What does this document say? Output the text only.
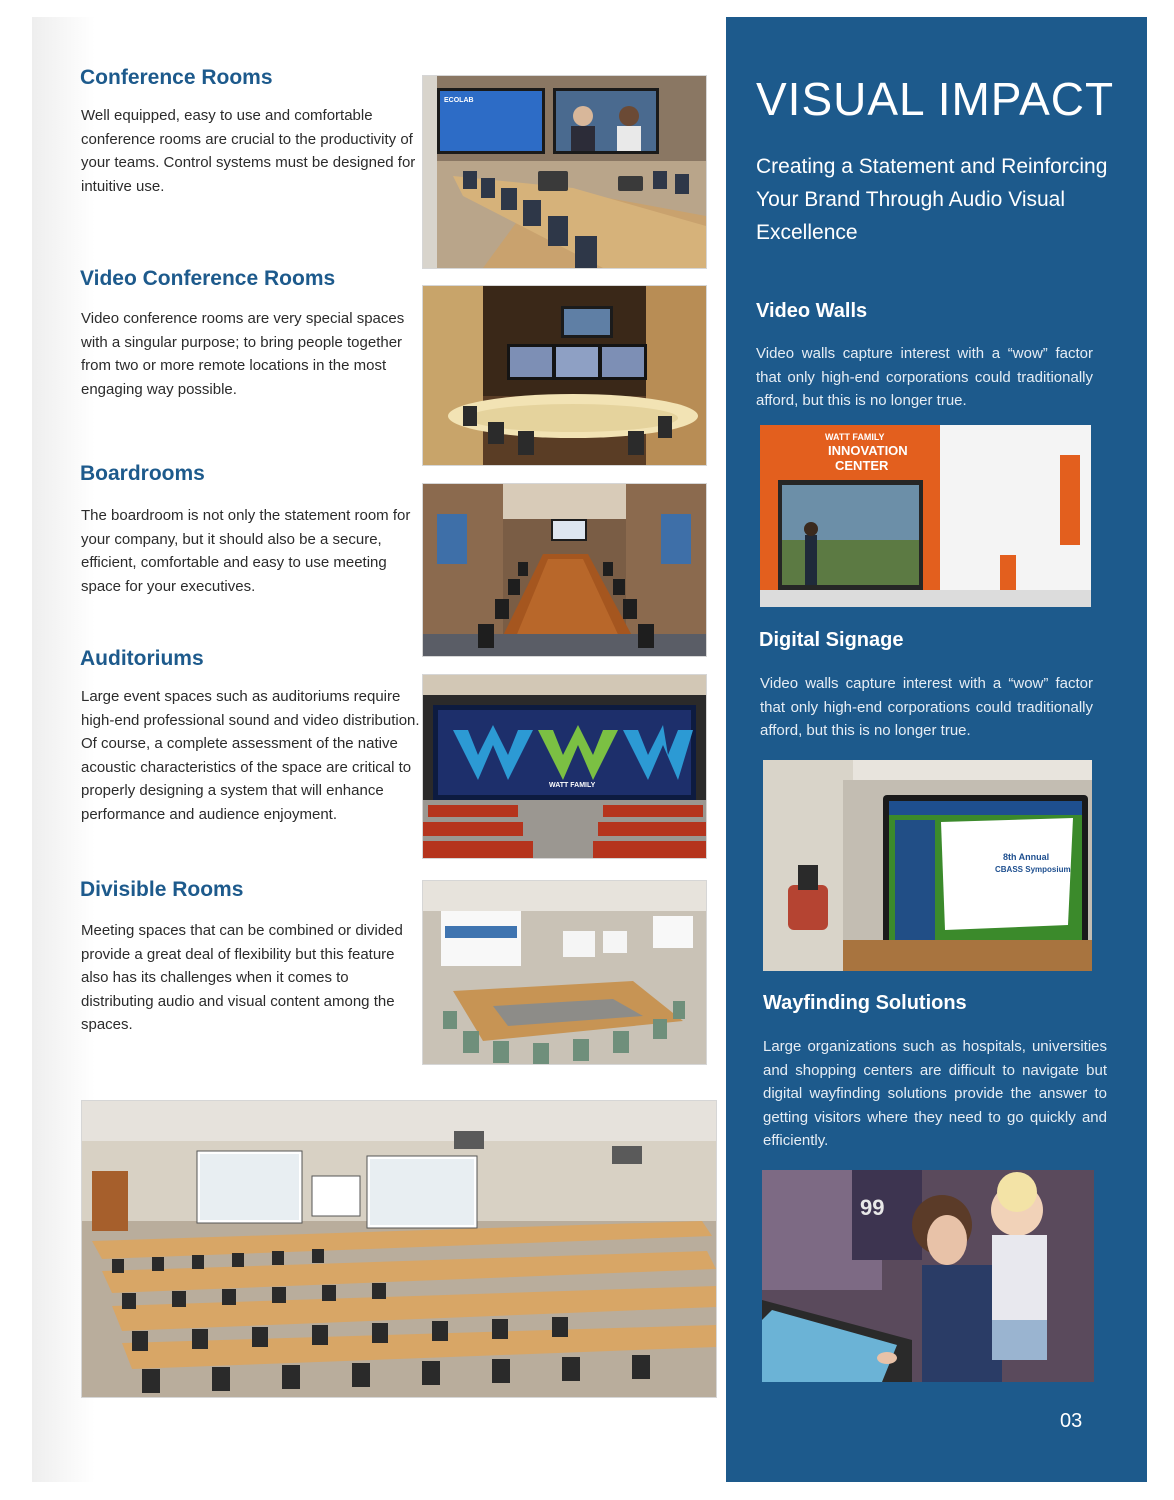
Conference Rooms

Well equipped, easy to use and comfortable conference rooms are crucial to the productivity of your teams. Control systems must be designed for intuitive use.

Video Conference Rooms

Video conference rooms are very special spaces with a singular purpose; to bring people together from two or more remote locations in the most engaging way possible.

Boardrooms

The boardroom is not only the statement room for your company, but it should also be a secure, efficient, comfortable and easy to use meeting space for your executives.

Auditoriums

Large event spaces such as auditoriums require high-end professional sound and video distribution. Of course, a complete assessment of the native acoustic characteristics of the space are critical to properly designing a system that will enhance performance and audience enjoyment.

Divisible Rooms

Meeting spaces that can be combined or divided provide a great deal of flexibility but this feature also has its challenges when it comes to distributing audio and visual content among the spaces.

ECOLAB
WATT FAMILY
VISUAL IMPACT

Creating a Statement and Reinforcing Your Brand Through Audio Visual Excellence

Video Walls

Video walls capture interest with a “wow” factor that only high-end corporations could traditionally afford, but this is no longer true.

WATT FAMILY
INNOVATION
CENTER
Digital Signage

Video walls capture interest with a “wow” factor that only high-end corporations could traditionally afford, but this is no longer true.

8th Annual
CBASS Symposium
Wayfinding Solutions

Large organizations such as hospitals, universities and shopping centers are difficult to navigate but digital wayfinding solutions provide the answer to getting visitors where they need to go quickly and efficiently.

99
03
